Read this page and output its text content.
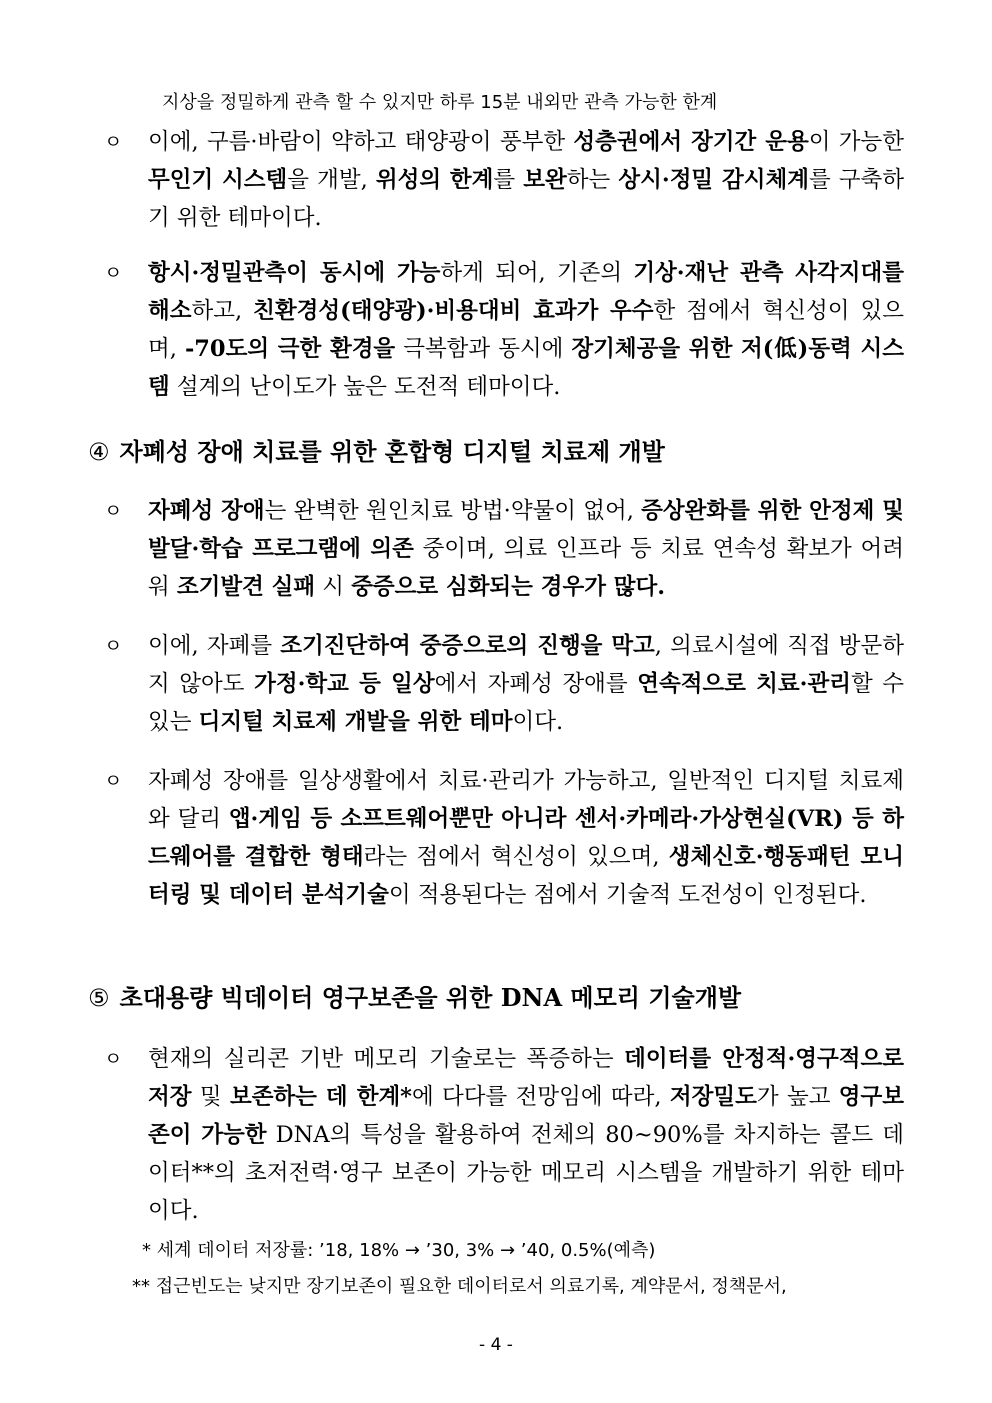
지상을 정밀하게 관측 할 수 있지만 하루 15분 내외만 관측 가능한 한계
ㅇ	이에, 구름·바람이 약하고 태양광이 풍부한 성층권에서 장기간 운용이 가능한 무인기 시스템을 개발, 위성의 한계를 보완하는 상시·정밀 감시체계를 구축하기 위한 테마이다.
ㅇ	항시·정밀관측이 동시에 가능하게 되어, 기존의 기상·재난 관측 사각지대를 해소하고, 친환경성(태양광)·비용대비 효과가 우수한 점에서 혁신성이 있으며, -70도의 극한 환경을 극복함과 동시에 장기체공을 위한 저(低)동력 시스템 설계의 난이도가 높은 도전적 테마이다.
④ 자폐성 장애 치료를 위한 혼합형 디지털 치료제 개발
ㅇ	자폐성 장애는 완벽한 원인치료 방법·약물이 없어, 증상완화를 위한 안정제 및 발달·학습 프로그램에 의존 중이며, 의료 인프라 등 치료 연속성 확보가 어려워 조기발견 실패 시 중증으로 심화되는 경우가 많다.
ㅇ	이에, 자폐를 조기진단하여 중증으로의 진행을 막고, 의료시설에 직접 방문하지 않아도 가정·학교 등 일상에서 자폐성 장애를 연속적으로 치료·관리할 수 있는 디지털 치료제 개발을 위한 테마이다.
ㅇ	자폐성 장애를 일상생활에서 치료·관리가 가능하고, 일반적인 디지털 치료제와 달리 앱·게임 등 소프트웨어뿐만 아니라 센서·카메라·가상현실(VR) 등 하드웨어를 결합한 형태라는 점에서 혁신성이 있으며, 생체신호·행동패턴 모니터링 및 데이터 분석기술이 적용된다는 점에서 기술적 도전성이 인정된다.
⑤ 초대용량 빅데이터 영구보존을 위한 DNA 메모리 기술개발
ㅇ	현재의 실리콘 기반 메모리 기술로는 폭증하는 데이터를 안정적·영구적으로 저장 및 보존하는 데 한계*에 다다를 전망임에 따라, 저장밀도가 높고 영구보존이 가능한 DNA의 특성을 활용하여 전체의 80~90%를 차지하는 콜드 데이터**의 초저전력·영구 보존이 가능한 메모리 시스템을 개발하기 위한 테마이다.
* 세계 데이터 저장률: ’18, 18% → ’30, 3% → ’40, 0.5%(예측)
** 접근빈도는 낮지만 장기보존이 필요한 데이터로서 의료기록, 계약문서, 정책문서,
- 4 -
